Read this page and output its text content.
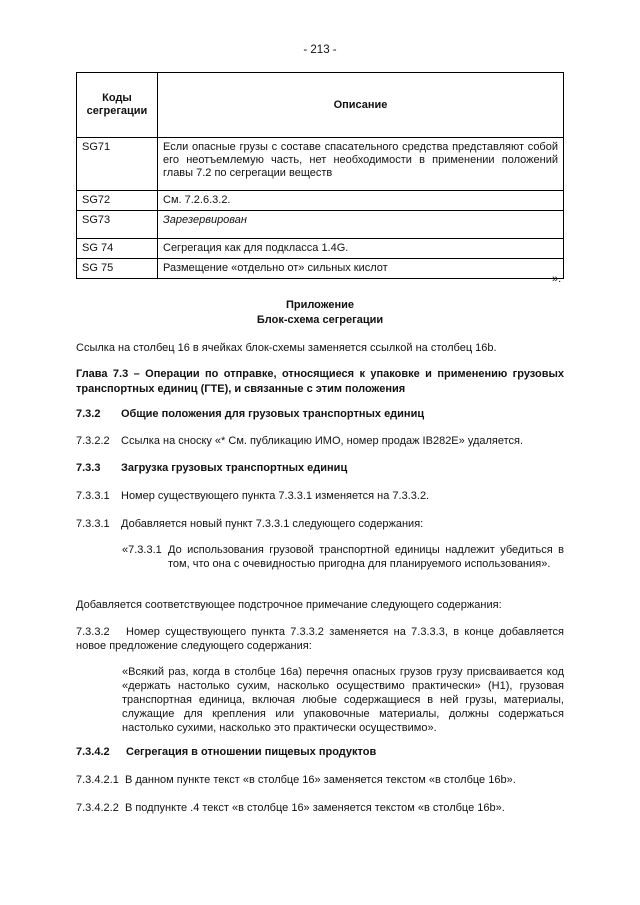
- 213 -
Коды сегрегации	Описание
SG71	Если опасные грузы с составе спасательного средства представляют собой его неотъемлемую часть, нет необходимости в применении положений главы 7.2 по сегрегации веществ
SG72	См. 7.2.6.3.2.
SG73	Зарезервирован
SG 74	Сегрегация как для подкласса 1.4G.
SG 75	Размещение «отдельно от» сильных кислот
».
Приложение
Блок-схема сегрегации
Ссылка на столбец 16 в ячейках блок-схемы заменяется ссылкой на столбец 16b.
Глава 7.3 – Операции по отправке, относящиеся к упаковке и применению грузовых транспортных единиц (ГТЕ), и связанные с этим положения
7.3.2 Общие положения для грузовых транспортных единиц
7.3.2.2 Ссылка на сноску «* См. публикацию ИМО, номер продаж IB282E» удаляется.
7.3.3 Загрузка грузовых транспортных единиц
7.3.3.1 Номер существующего пункта 7.3.3.1 изменяется на 7.3.3.2.
7.3.3.1 Добавляется новый пункт 7.3.3.1 следующего содержания:
«7.3.3.1 До использования грузовой транспортной единицы надлежит убедиться в том, что она с очевидностью пригодна для планируемого использования».
Добавляется соответствующее подстрочное примечание следующего содержания:
7.3.3.2	Номер существующего пункта 7.3.3.2 заменяется на 7.3.3.3, в конце добавляется новое предложение следующего содержания:
«Всякий раз, когда в столбце 16а) перечня опасных грузов грузу присваивается код «держать настолько сухим, насколько осуществимо практически» (H1), грузовая транспортная единица, включая любые содержащиеся в ней грузы, материалы, служащие для крепления или упаковочные материалы, должны содержаться настолько сухими, насколько это практически осуществимо».
7.3.4.2 Сегрегация в отношении пищевых продуктов
7.3.4.2.1 В данном пункте текст «в столбце 16» заменяется текстом «в столбце 16b».
7.3.4.2.2 В подпункте .4 текст «в столбце 16» заменяется текстом «в столбце 16b».
